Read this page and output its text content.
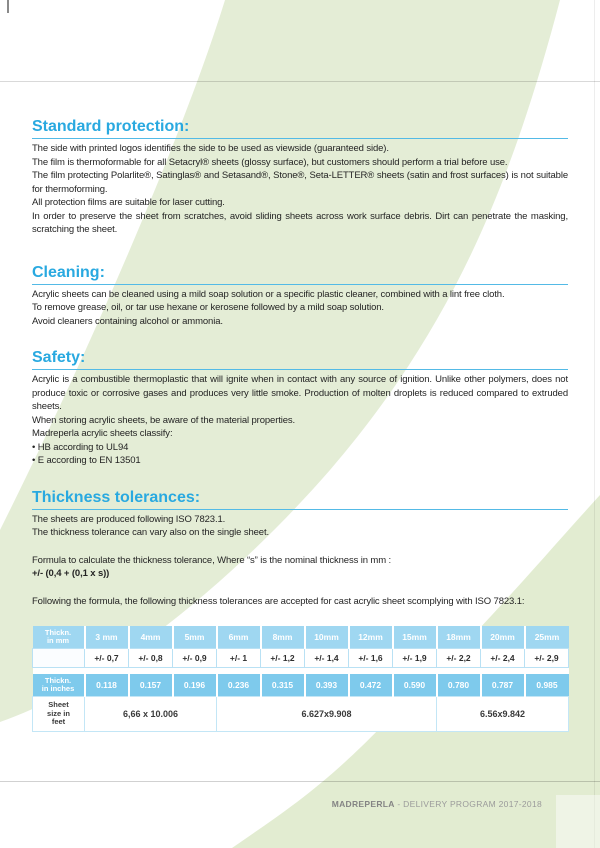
Standard protection:

The side with printed logos identifies the side to be used as viewside (guaranteed side).

The film is thermoformable for all Setacryl® sheets (glossy surface), but customers should perform a trial before use.

The film protecting Polarlite®, Satinglas® and Setasand®, Stone®, Seta-LETTER® sheets (satin and frost surfaces) is not suitable for thermoforming.

All protection films are suitable for laser cutting.

In order to preserve the sheet from scratches, avoid sliding sheets across work surface debris. Dirt can penetrate the masking, scratching the sheet.

Cleaning:

Acrylic sheets can be cleaned using a mild soap solution or a specific plastic cleaner, combined with a lint free cloth.

To remove grease, oil, or tar use hexane or kerosene followed by a mild soap solution.

Avoid cleaners containing alcohol or ammonia.

Safety:

Acrylic is a combustible thermoplastic that will ignite when in contact with any source of ignition. Unlike other polymers, does not produce toxic or corrosive gases and produces very little smoke. Production of molten droplets is reduced compared to extruded sheets.

When storing acrylic sheets, be aware of the material properties.

Madreperla acrylic sheets classify:

• HB according to UL94

• E according to EN 13501

Thickness tolerances:

The sheets are produced following ISO 7823.1.

The thickness tolerance can vary also on the single sheet.

Formula to calculate the thickness tolerance, Where “s” is the nominal thickness in mm :

+/- (0,4 + (0,1 x s))

Following the formula, the following thickness tolerances are accepted for cast acrylic sheet scomplying with ISO 7823.1:

Thickn.
in mm	3 mm	4mm	5mm	6mm	8mm	10mm	12mm	15mm	18mm	20mm	25mm
	+/- 0,7	+/- 0,8	+/- 0,9	+/- 1	+/- 1,2	+/- 1,4	+/- 1,6	+/- 1,9	+/- 2,2	+/- 2,4	+/- 2,9

Thickn.
in inches	0.118	0.157	0.196	0.236	0.315	0.393	0.472	0.590	0.780	0.787	0.985

Sheet
size in
feet	6,66 x 10.006			6.627x9.908					6.56x9.842		
MADREPERLA - DELIVERY PROGRAM 2017-2018
